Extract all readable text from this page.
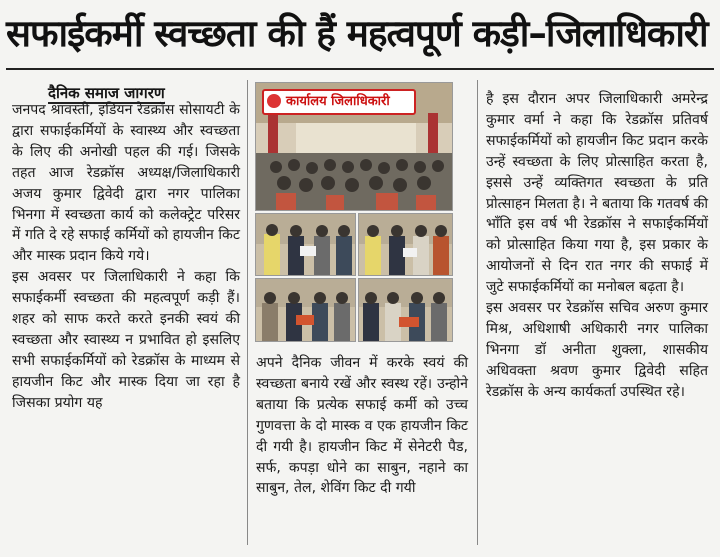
सफाईकर्मी स्वच्छता की हैं महत्वपूर्ण कड़ी–जिलाधिकारी
दैनिक समाज जागरण

जनपद श्रावस्ती, इंडियन रेडक्रॉस सोसायटी के द्वारा सफाईकर्मियों के स्वास्थ्य और स्वच्छता के लिए की अनोखी पहल की गई। जिसके तहत आज रेडक्रॉस अध्यक्ष/जिलाधिकारी अजय कुमार द्विवेदी द्वारा नगर पालिका भिनगा में स्वच्छता कार्य को कलेक्ट्रेट परिसर में गति दे रहे सफाई कर्मियों को हायजीन किट और मास्क प्रदान किये गये।

इस अवसर पर जिलाधिकारी ने कहा कि सफाईकर्मी स्वच्छता की महत्वपूर्ण कड़ी हैं। शहर को साफ करते करते इनकी स्वयं की स्वच्छता और स्वास्थ्य न प्रभावित हो इसलिए सभी सफाईकर्मियों को रेडक्रॉस के माध्यम से हायजीन किट और मास्क दिया जा रहा है जिसका प्रयोग यह

कार्यालय जिलाधिकारी

अपने दैनिक जीवन में करके स्वयं की स्वच्छता बनाये रखें और स्वस्थ रहें। उन्होने बताया कि प्रत्येक सफाई कर्मी को उच्च गुणवत्ता के दो मास्क व एक हायजीन किट दी गयी है। हायजीन किट में सेनेटरी पैड, सर्फ, कपड़ा धोने का साबुन, नहाने का साबुन, तेल, शेविंग किट दी गयी

है इस दौरान अपर जिलाधिकारी अमरेन्द्र कुमार वर्मा ने कहा कि रेडक्रॉस प्रतिवर्ष सफाईकर्मियों को हायजीन किट प्रदान करके उन्हें स्वच्छता के लिए प्रोत्साहित करता है, इससे उन्हें व्यक्तिगत स्वच्छता के प्रति प्रोत्साहन मिलता है। ने बताया कि गतवर्ष की भाँति इस वर्ष भी रेडक्रॉस ने सफाईकर्मियों को प्रोत्साहित किया गया है, इस प्रकार के आयोजनों से दिन रात नगर की सफाई में जुटे सफाईकर्मियों का मनोबल बढ़ता है।

इस अवसर पर रेडक्रॉस सचिव अरुण कुमार मिश्र, अधिशाषी अधिकारी नगर पालिका भिनगा डॉ अनीता शुक्ला, शासकीय अधिवक्ता श्रवण कुमार द्विवेदी सहित रेडक्रॉस के अन्य कार्यकर्ता उपस्थित रहे।
